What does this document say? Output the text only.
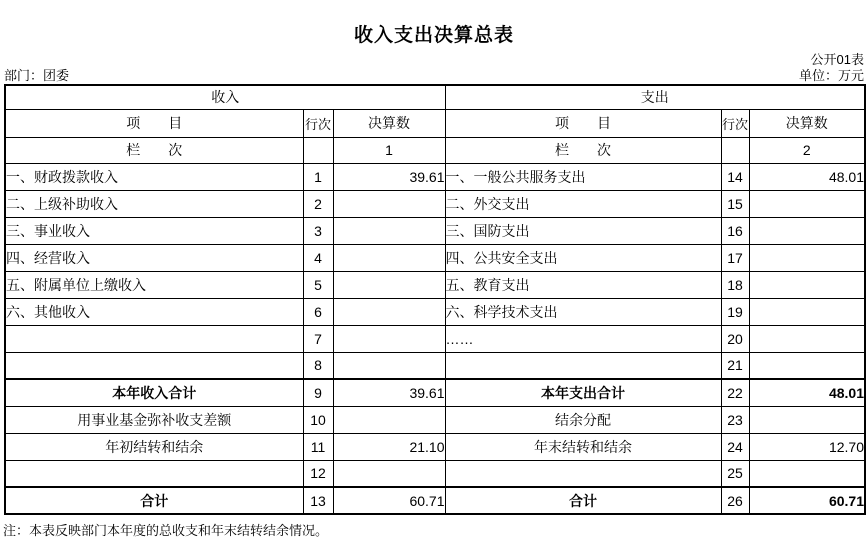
收入支出决算总表
公开01表
部门：团委	单位：万元
收入			支出		
项　　目	行次	决算数	项　　目	行次	决算数
栏　　次		1	栏　　次		2
一、财政拨款收入	1	39.61	一、一般公共服务支出	14	48.01
二、上级补助收入	2		二、外交支出	15	
三、事业收入	3		三、国防支出	16	
四、经营收入	4		四、公共安全支出	17	
五、附属单位上缴收入	5		五、教育支出	18	
六、其他收入	6		六、科学技术支出	19	
	7		……	20	
	8			21	
本年收入合计	9	39.61	本年支出合计	22	48.01
用事业基金弥补收支差额	10		结余分配	23	
年初结转和结余	11	21.10	年末结转和结余	24	12.70
	12			25	
合计	13	60.71	合计	26	60.71
注：本表反映部门本年度的总收支和年末结转结余情况。
